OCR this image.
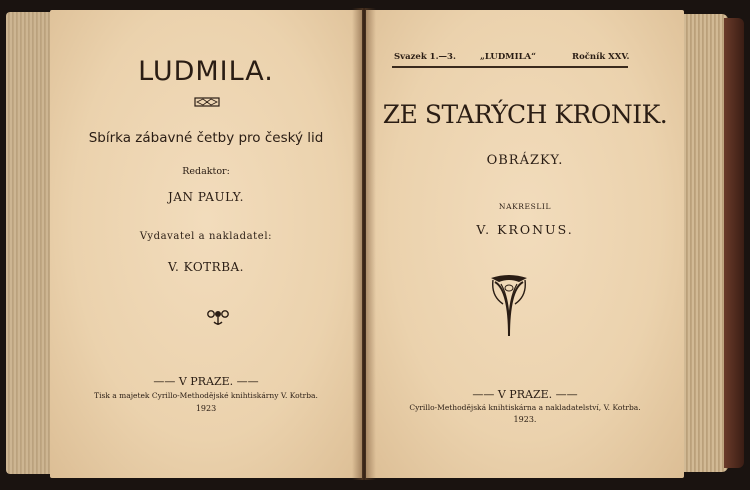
LUDMILA.
Sbírka zábavné četby pro český lid
Redaktor:
JAN PAULY.
Vydavatel a nakladatel:
V. KOTRBA.
—— V PRAZE. ——
Tisk a majetek Cyrillo-Methodějské knihtiskárny V. Kotrba.
1923
Svazek 1.—3.	„LUDMILA“	Ročník XXV.
ZE STARÝCH KRONIK.
OBRÁZKY.
NAKRESLIL
V. KRONUS.
—— V PRAZE. ——
Cyrillo-Methodějská knihtiskárna a nakladatelství, V. Kotrba.
1923.
